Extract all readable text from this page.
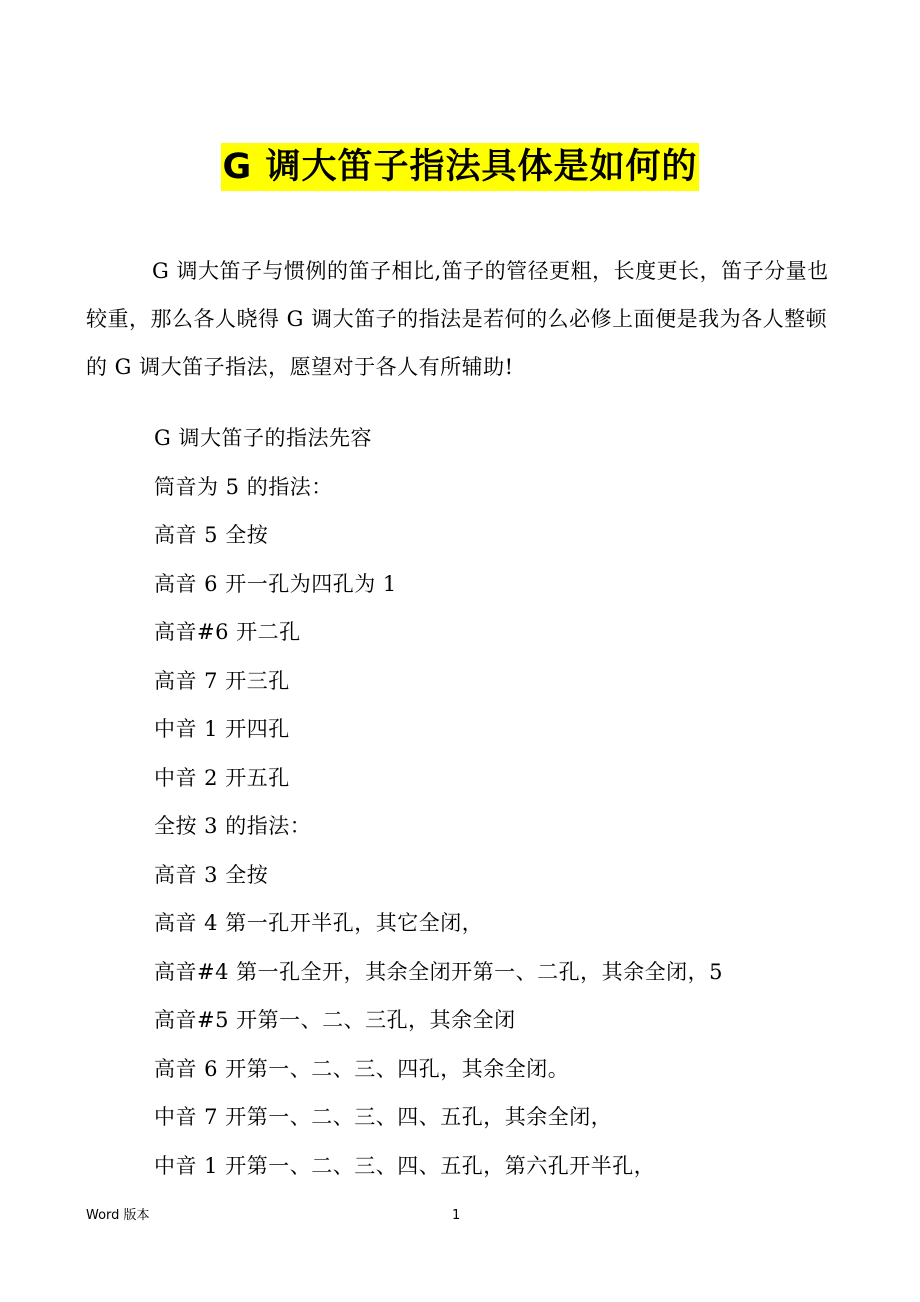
G 调大笛子指法具体是如何的

G 调大笛子与惯例的笛子相比,笛子的管径更粗，长度更长，笛子分量也较重，那么各人晓得 G 调大笛子的指法是若何的么必修上面便是我为各人整顿的 G 调大笛子指法，愿望对于各人有所辅助!

G 调大笛子的指法先容
筒音为 5 的指法：
高音 5 全按
高音 6 开一孔为四孔为 1
高音#6 开二孔
高音 7 开三孔
中音 1 开四孔
中音 2 开五孔
全按 3 的指法：
高音 3 全按
高音 4 第一孔开半孔，其它全闭，
高音#4 第一孔全开，其余全闭开第一、二孔，其余全闭，5
高音#5 开第一、二、三孔，其余全闭
高音 6 开第一、二、三、四孔，其余全闭。
中音 7 开第一、二、三、四、五孔，其余全闭，
中音 1 开第一、二、三、四、五孔，第六孔开半孔，
Word 版本	1
